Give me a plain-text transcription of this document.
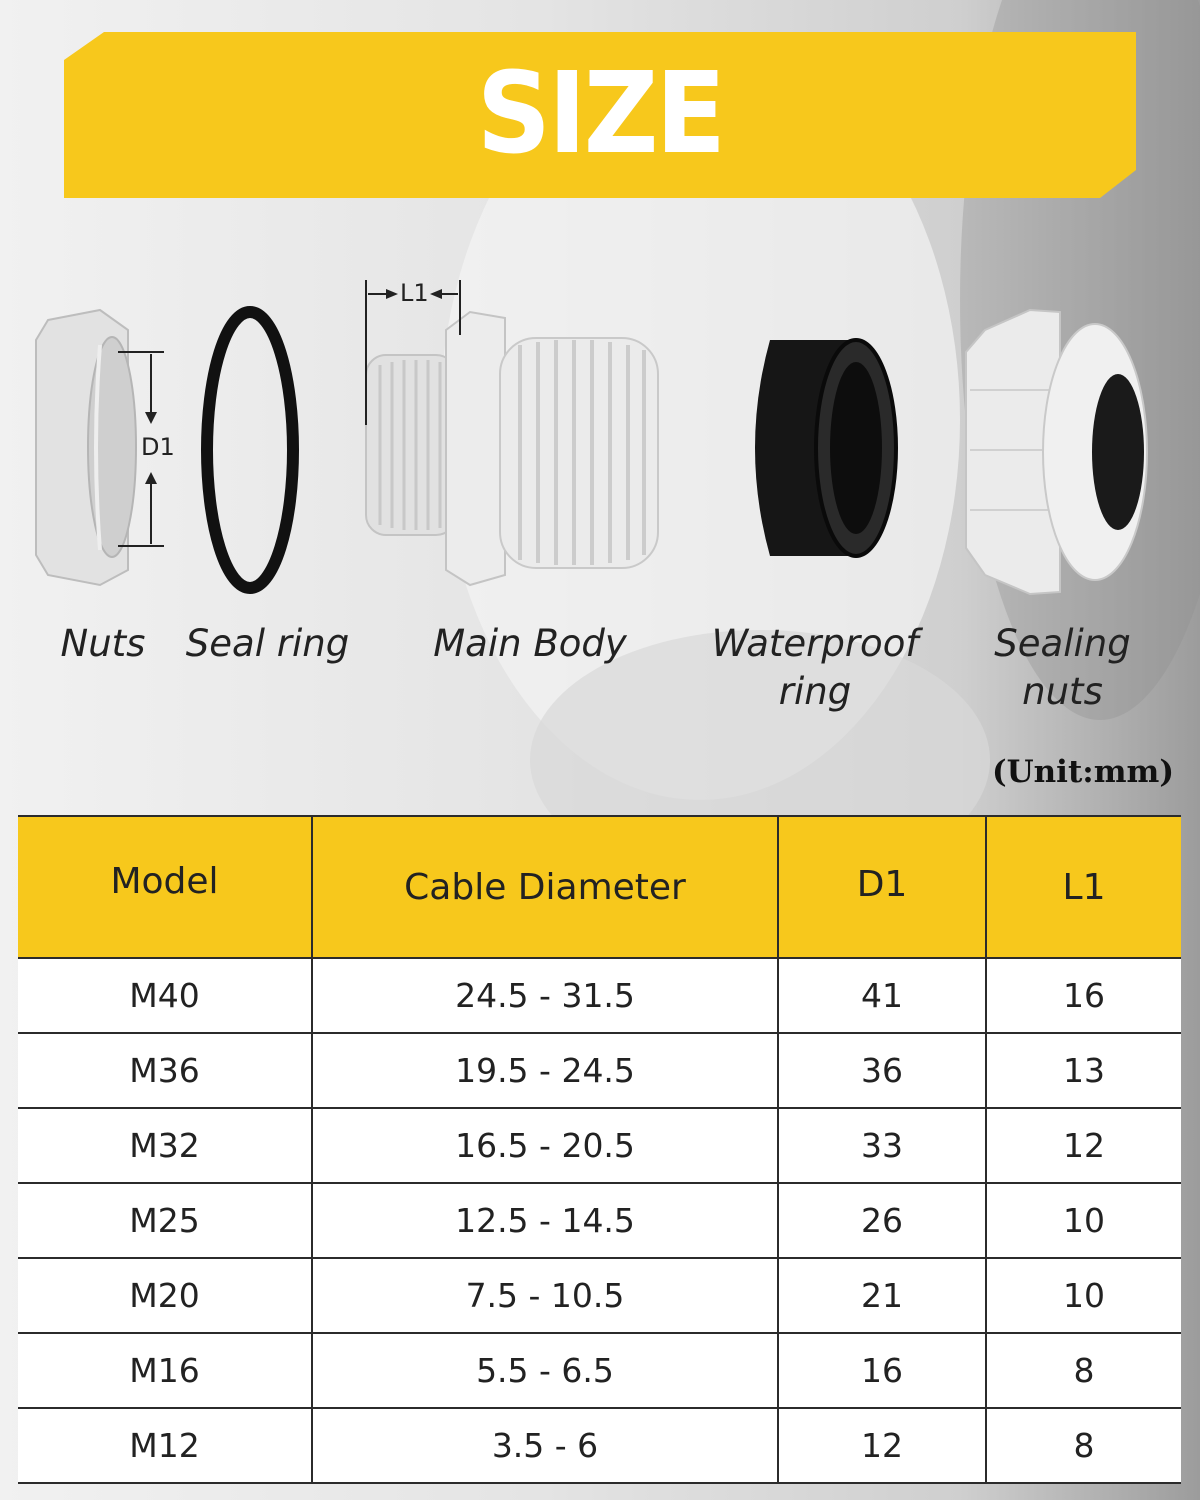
SIZE
D1
L1
Nuts	Seal ring	Main Body	Waterproof
ring
Sealing
nuts
(Unit:mm)
Model	Cable Diameter	D1	L1
M40	24.5 - 31.5	41	16
M36	19.5 - 24.5	36	13
M32	16.5 - 20.5	33	12
M25	12.5 - 14.5	26	10
M20	7.5 - 10.5	21	10
M16	5.5 - 6.5	16	8
M12	3.5 - 6	12	8
